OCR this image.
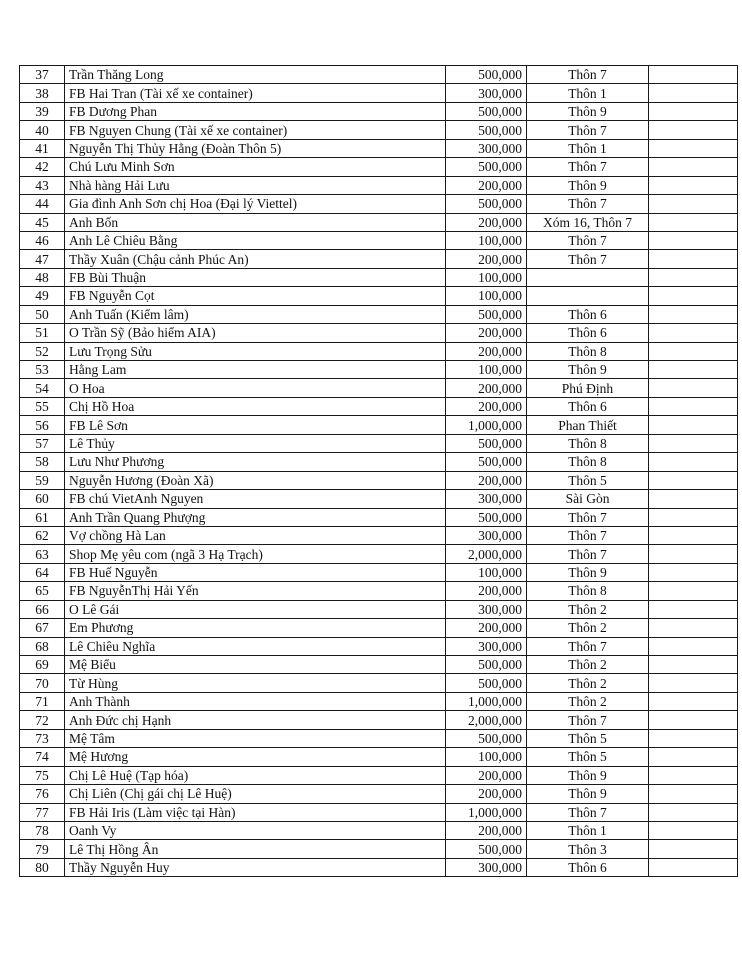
37	Trần Thăng Long	500,000	Thôn 7	
38	FB Hai Tran (Tài xế xe container)	300,000	Thôn 1	
39	FB Dương Phan	500,000	Thôn 9	
40	FB Nguyen Chung (Tài xế xe container)	500,000	Thôn 7	
41	Nguyễn Thị Thủy Hằng (Đoàn Thôn 5)	300,000	Thôn 1	
42	Chú Lưu Minh Sơn	500,000	Thôn 7	
43	Nhà hàng Hải Lưu	200,000	Thôn 9	
44	Gia đình Anh Sơn chị Hoa (Đại lý Viettel)	500,000	Thôn 7	
45	Anh Bốn	200,000	Xóm 16, Thôn 7	
46	Anh Lê Chiêu Bằng	100,000	Thôn 7	
47	Thầy Xuân (Chậu cảnh Phúc An)	200,000	Thôn 7	
48	FB Bùi Thuận	100,000		
49	FB Nguyễn Cọt	100,000		
50	Anh Tuấn (Kiểm lâm)	500,000	Thôn 6	
51	O Trần Sỹ (Bảo hiểm AIA)	200,000	Thôn 6	
52	Lưu Trọng Sửu	200,000	Thôn 8	
53	Hằng Lam	100,000	Thôn 9	
54	O Hoa	200,000	Phú Định	
55	Chị Hồ Hoa	200,000	Thôn 6	
56	FB Lê Sơn	1,000,000	Phan Thiết	
57	Lê Thủy	500,000	Thôn 8	
58	Lưu Như Phương	500,000	Thôn 8	
59	Nguyễn Hương (Đoàn Xã)	200,000	Thôn 5	
60	FB chú VietAnh Nguyen	300,000	Sài Gòn	
61	Anh Trần Quang Phượng	500,000	Thôn 7	
62	Vợ chồng Hà Lan	300,000	Thôn 7	
63	Shop Mẹ yêu com (ngã 3 Hạ Trạch)	2,000,000	Thôn 7	
64	FB Huế Nguyễn	100,000	Thôn 9	
65	FB NguyễnThị Hải Yến	200,000	Thôn 8	
66	O Lê Gái	300,000	Thôn 2	
67	Em Phương	200,000	Thôn 2	
68	Lê Chiêu Nghĩa	300,000	Thôn 7	
69	Mệ Biểu	500,000	Thôn 2	
70	Từ Hùng	500,000	Thôn 2	
71	Anh Thành	1,000,000	Thôn 2	
72	Anh Đức chị Hạnh	2,000,000	Thôn 7	
73	Mệ Tâm	500,000	Thôn 5	
74	Mệ Hương	100,000	Thôn 5	
75	Chị Lê Huệ (Tạp hóa)	200,000	Thôn 9	
76	Chị Liên (Chị gái chị Lê Huệ)	200,000	Thôn 9	
77	FB Hải Iris (Làm việc tại Hàn)	1,000,000	Thôn 7	
78	Oanh Vy	200,000	Thôn 1	
79	Lê Thị Hồng Ân	500,000	Thôn 3	
80	Thầy Nguyễn Huy	300,000	Thôn 6	
